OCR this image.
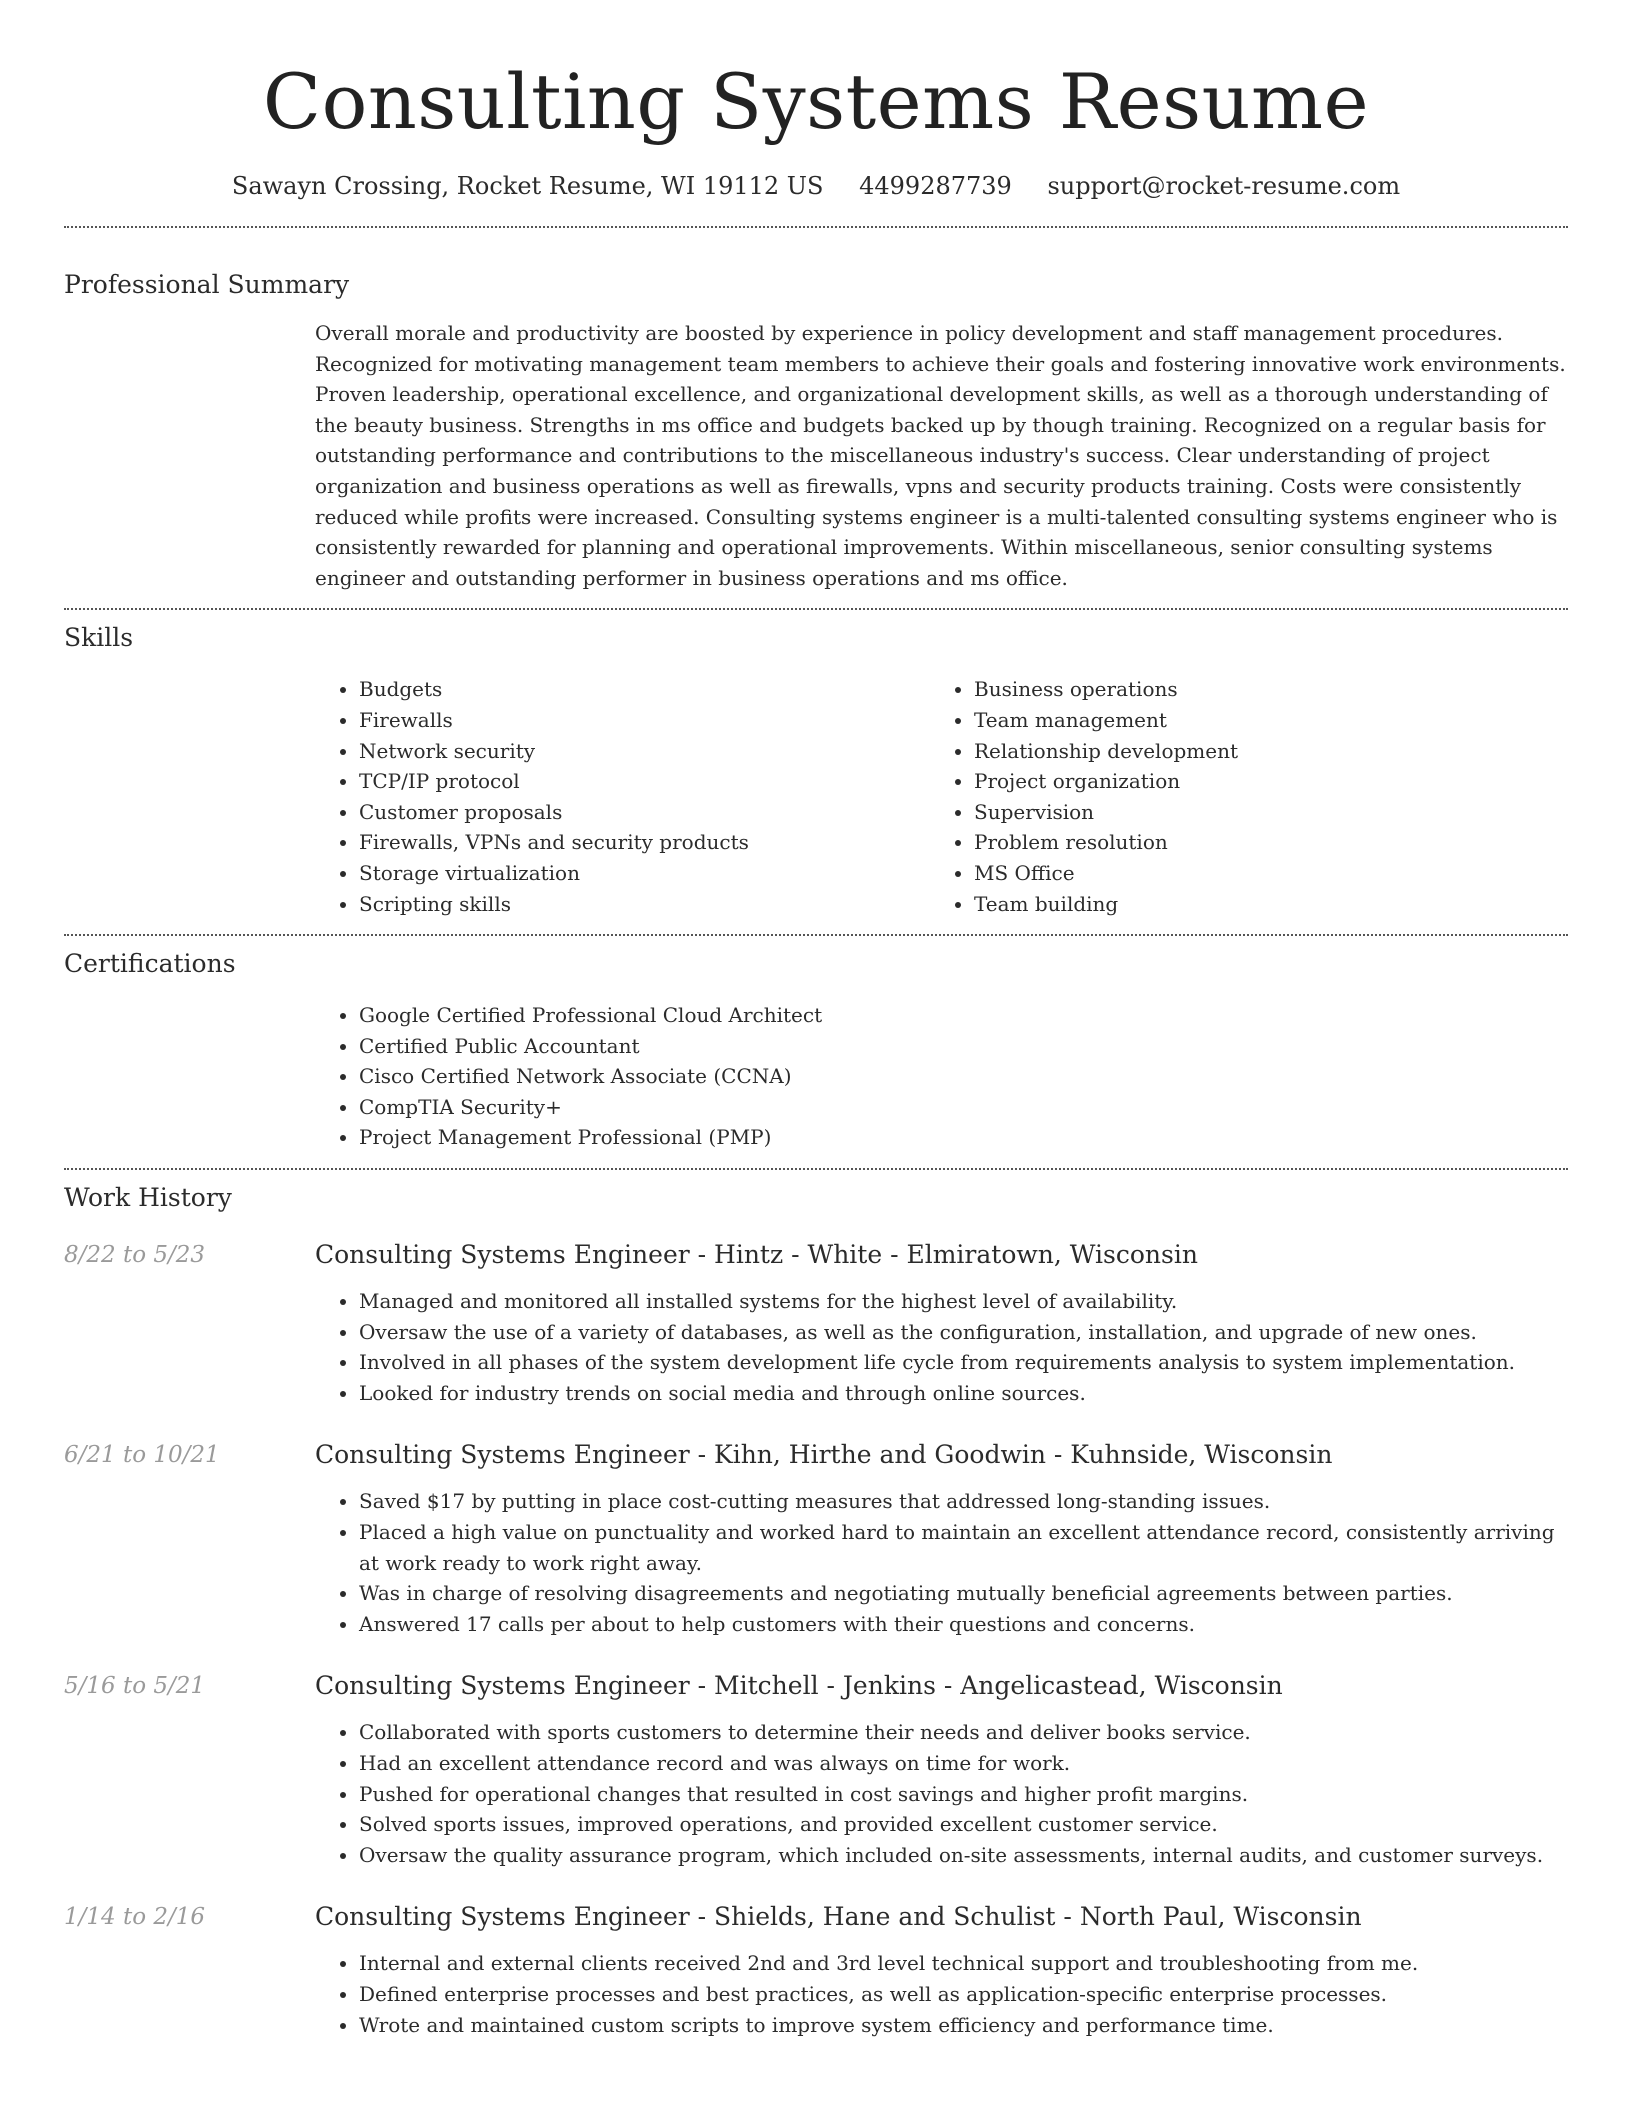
Consulting Systems Resume
Sawayn Crossing, Rocket Resume, WI 19112 US 4499287739 support@rocket-resume.com
Professional Summary
Overall morale and productivity are boosted by experience in policy development and staff management procedures. Recognized for motivating management team members to achieve their goals and fostering innovative work environments. Proven leadership, operational excellence, and organizational development skills, as well as a thorough understanding of the beauty business. Strengths in ms office and budgets backed up by though training. Recognized on a regular basis for outstanding performance and contributions to the miscellaneous industry's success. Clear understanding of project organization and business operations as well as firewalls, vpns and security products training. Costs were consistently reduced while profits were increased. Consulting systems engineer is a multi-talented consulting systems engineer who is consistently rewarded for planning and operational improvements. Within miscellaneous, senior consulting systems engineer and outstanding performer in business operations and ms office.
Skills
• Budgets
• Firewalls
• Network security
• TCP/IP protocol
• Customer proposals
• Firewalls, VPNs and security products
• Storage virtualization
• Scripting skills
• Business operations
• Team management
• Relationship development
• Project organization
• Supervision
• Problem resolution
• MS Office
• Team building
Certifications
• Google Certified Professional Cloud Architect
• Certified Public Accountant
• Cisco Certified Network Associate (CCNA)
• CompTIA Security+
• Project Management Professional (PMP)
Work History
8/22 to 5/23	Consulting Systems Engineer - Hintz - White - Elmiratown, Wisconsin
• Managed and monitored all installed systems for the highest level of availability.
• Oversaw the use of a variety of databases, as well as the configuration, installation, and upgrade of new ones.
• Involved in all phases of the system development life cycle from requirements analysis to system implementation.
• Looked for industry trends on social media and through online sources.
6/21 to 10/21	Consulting Systems Engineer - Kihn, Hirthe and Goodwin - Kuhnside, Wisconsin
• Saved $17 by putting in place cost-cutting measures that addressed long-standing issues.
• Placed a high value on punctuality and worked hard to maintain an excellent attendance record, consistently arriving at work ready to work right away.
• Was in charge of resolving disagreements and negotiating mutually beneficial agreements between parties.
• Answered 17 calls per about to help customers with their questions and concerns.
5/16 to 5/21	Consulting Systems Engineer - Mitchell - Jenkins - Angelicastead, Wisconsin
• Collaborated with sports customers to determine their needs and deliver books service.
• Had an excellent attendance record and was always on time for work.
• Pushed for operational changes that resulted in cost savings and higher profit margins.
• Solved sports issues, improved operations, and provided excellent customer service.
• Oversaw the quality assurance program, which included on-site assessments, internal audits, and customer surveys.
1/14 to 2/16	Consulting Systems Engineer - Shields, Hane and Schulist - North Paul, Wisconsin
• Internal and external clients received 2nd and 3rd level technical support and troubleshooting from me.
• Defined enterprise processes and best practices, as well as application-specific enterprise processes.
• Wrote and maintained custom scripts to improve system efficiency and performance time.
